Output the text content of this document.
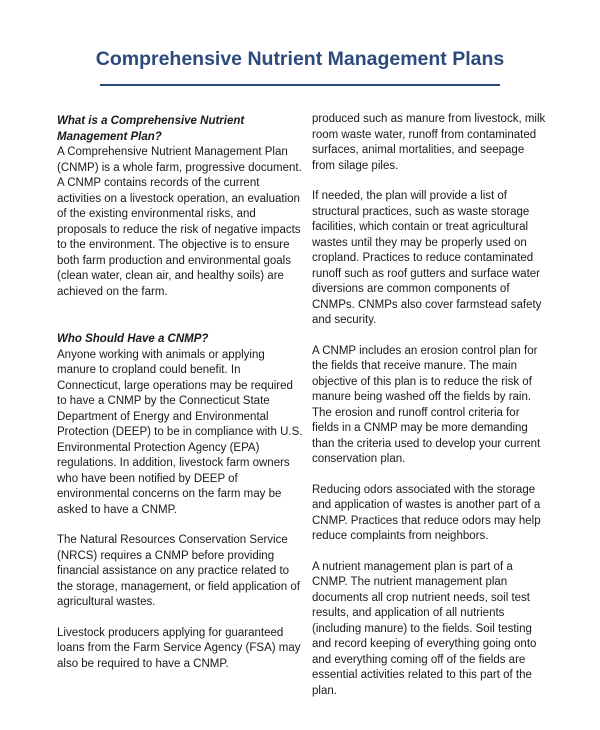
Comprehensive Nutrient Management Plans

What is a Comprehensive Nutrient Management Plan?

A Comprehensive Nutrient Management Plan (CNMP) is a whole farm, progressive document. A CNMP contains records of the current activities on a livestock operation, an evaluation of the existing environmental risks, and proposals to reduce the risk of negative impacts to the environment. The objective is to ensure both farm production and environmental goals (clean water, clean air, and healthy soils) are achieved on the farm.

Who Should Have a CNMP?

Anyone working with animals or applying manure to cropland could benefit. In Connecticut, large operations may be required to have a CNMP by the Connecticut State Department of Energy and Environmental Protection (DEEP) to be in compliance with U.S. Environmental Protection Agency (EPA) regulations. In addition, livestock farm owners who have been notified by DEEP of environmental concerns on the farm may be asked to have a CNMP.

The Natural Resources Conservation Service (NRCS) requires a CNMP before providing financial assistance on any practice related to the storage, management, or field application of agricultural wastes.

Livestock producers applying for guaranteed loans from the Farm Service Agency (FSA) may also be required to have a CNMP.

produced such as manure from livestock, milk room waste water, runoff from contaminated surfaces, animal mortalities, and seepage from silage piles.

If needed, the plan will provide a list of structural practices, such as waste storage facilities, which contain or treat agricultural wastes until they may be properly used on cropland. Practices to reduce contaminated runoff such as roof gutters and surface water diversions are common components of CNMPs. CNMPs also cover farmstead safety and security.

A CNMP includes an erosion control plan for the fields that receive manure. The main objective of this plan is to reduce the risk of manure being washed off the fields by rain. The erosion and runoff control criteria for fields in a CNMP may be more demanding than the criteria used to develop your current conservation plan.

Reducing odors associated with the storage and application of wastes is another part of a CNMP. Practices that reduce odors may help reduce complaints from neighbors.

A nutrient management plan is part of a CNMP. The nutrient management plan documents all crop nutrient needs, soil test results, and application of all nutrients (including manure) to the fields. Soil testing and record keeping of everything going onto and everything coming off of the fields are essential activities related to this part of the plan.
